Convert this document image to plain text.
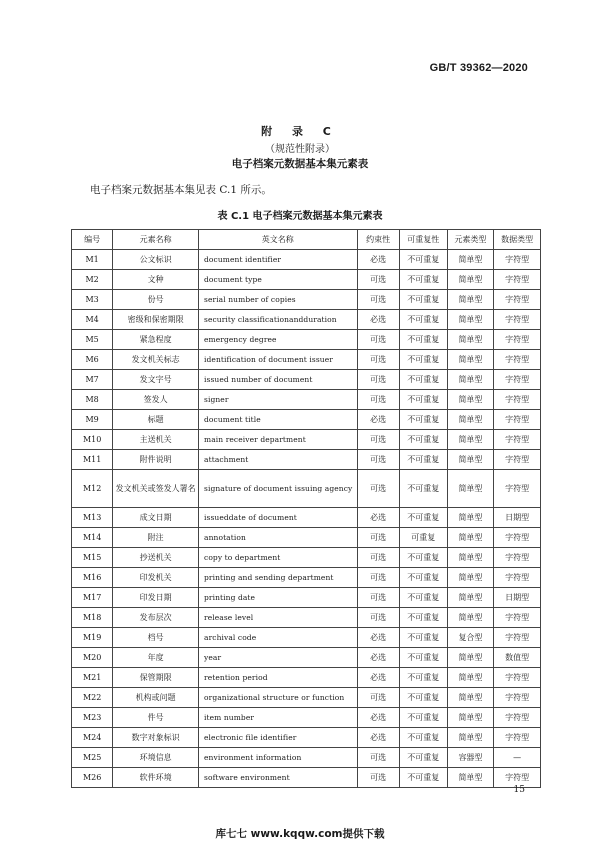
GB/T 39362—2020
附 录 C
（规范性附录）
电子档案元数据基本集元素表
电子档案元数据基本集见表 C.1 所示。
表 C.1 电子档案元数据基本集元素表
编号	元素名称	英文名称	约束性	可重复性	元素类型	数据类型
M1	公文标识	document identifier	必选	不可重复	简单型	字符型
M2	文种	document type	可选	不可重复	简单型	字符型
M3	份号	serial number of copies	可选	不可重复	简单型	字符型
M4	密级和保密期限	security classificationandduration	必选	不可重复	简单型	字符型
M5	紧急程度	emergency degree	可选	不可重复	简单型	字符型
M6	发文机关标志	identification of document issuer	可选	不可重复	简单型	字符型
M7	发文字号	issued number of document	可选	不可重复	简单型	字符型
M8	签发人	signer	可选	不可重复	简单型	字符型
M9	标题	document title	必选	不可重复	简单型	字符型
M10	主送机关	main receiver department	可选	不可重复	简单型	字符型
M11	附件说明	attachment	可选	不可重复	简单型	字符型
M12	发文机关或签发人署名	signature of document issuing agency	可选	不可重复	简单型	字符型
M13	成文日期	issueddate of document	必选	不可重复	简单型	日期型
M14	附注	annotation	可选	可重复	简单型	字符型
M15	抄送机关	copy to department	可选	不可重复	简单型	字符型
M16	印发机关	printing and sending department	可选	不可重复	简单型	字符型
M17	印发日期	printing date	可选	不可重复	简单型	日期型
M18	发布层次	release level	可选	不可重复	简单型	字符型
M19	档号	archival code	必选	不可重复	复合型	字符型
M20	年度	year	必选	不可重复	简单型	数值型
M21	保管期限	retention period	必选	不可重复	简单型	字符型
M22	机构或问题	organizational structure or function	可选	不可重复	简单型	字符型
M23	件号	item number	必选	不可重复	简单型	字符型
M24	数字对象标识	electronic file identifier	必选	不可重复	简单型	字符型
M25	环境信息	environment information	可选	不可重复	容器型	—
M26	软件环境	software environment	可选	不可重复	简单型	字符型
15
库七七 www.kqqw.com提供下载
